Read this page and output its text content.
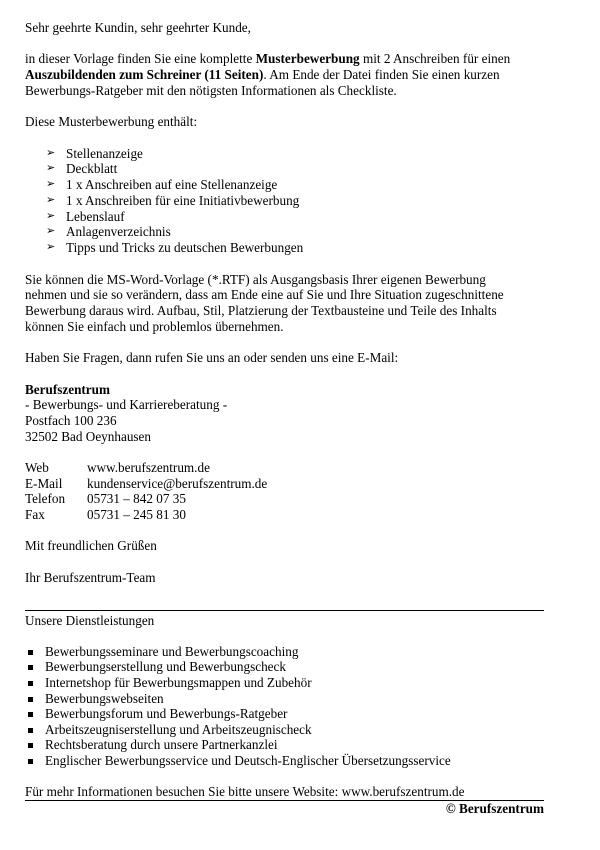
Sehr geehrte Kundin, sehr geehrter Kunde,
in dieser Vorlage finden Sie eine komplette Musterbewerbung mit 2 Anschreiben für einen
Auszubildenden zum Schreiner (11 Seiten). Am Ende der Datei finden Sie einen kurzen
Bewerbungs-Ratgeber mit den nötigsten Informationen als Checkliste.
Diese Musterbewerbung enthält:
➢ Stellenanzeige
➢ Deckblatt
➢ 1 x Anschreiben auf eine Stellenanzeige
➢ 1 x Anschreiben für eine Initiativbewerbung
➢ Lebenslauf
➢ Anlagenverzeichnis
➢ Tipps und Tricks zu deutschen Bewerbungen
Sie können die MS-Word-Vorlage (*.RTF) als Ausgangsbasis Ihrer eigenen Bewerbung
nehmen und sie so verändern, dass am Ende eine auf Sie und Ihre Situation zugeschnittene
Bewerbung daraus wird. Aufbau, Stil, Platzierung der Textbausteine und Teile des Inhalts
können Sie einfach und problemlos übernehmen.
Haben Sie Fragen, dann rufen Sie uns an oder senden uns eine E-Mail:
Berufszentrum
- Bewerbungs- und Karriereberatung -
Postfach 100 236
32502 Bad Oeynhausen
Web	www.berufszentrum.de
E-Mail	kundenservice@berufszentrum.de
Telefon	05731 – 842 07 35
Fax	05731 – 245 81 30
Mit freundlichen Grüßen
Ihr Berufszentrum-Team
Unsere Dienstleistungen
Bewerbungsseminare und Bewerbungscoaching
Bewerbungserstellung und Bewerbungscheck
Internetshop für Bewerbungsmappen und Zubehör
Bewerbungswebseiten
Bewerbungsforum und Bewerbungs-Ratgeber
Arbeitszeugniserstellung und Arbeitszeugnischeck
Rechtsberatung durch unsere Partnerkanzlei
Englischer Bewerbungsservice und Deutsch-Englischer Übersetzungsservice
Für mehr Informationen besuchen Sie bitte unsere Website: www.berufszentrum.de
© Berufszentrum
